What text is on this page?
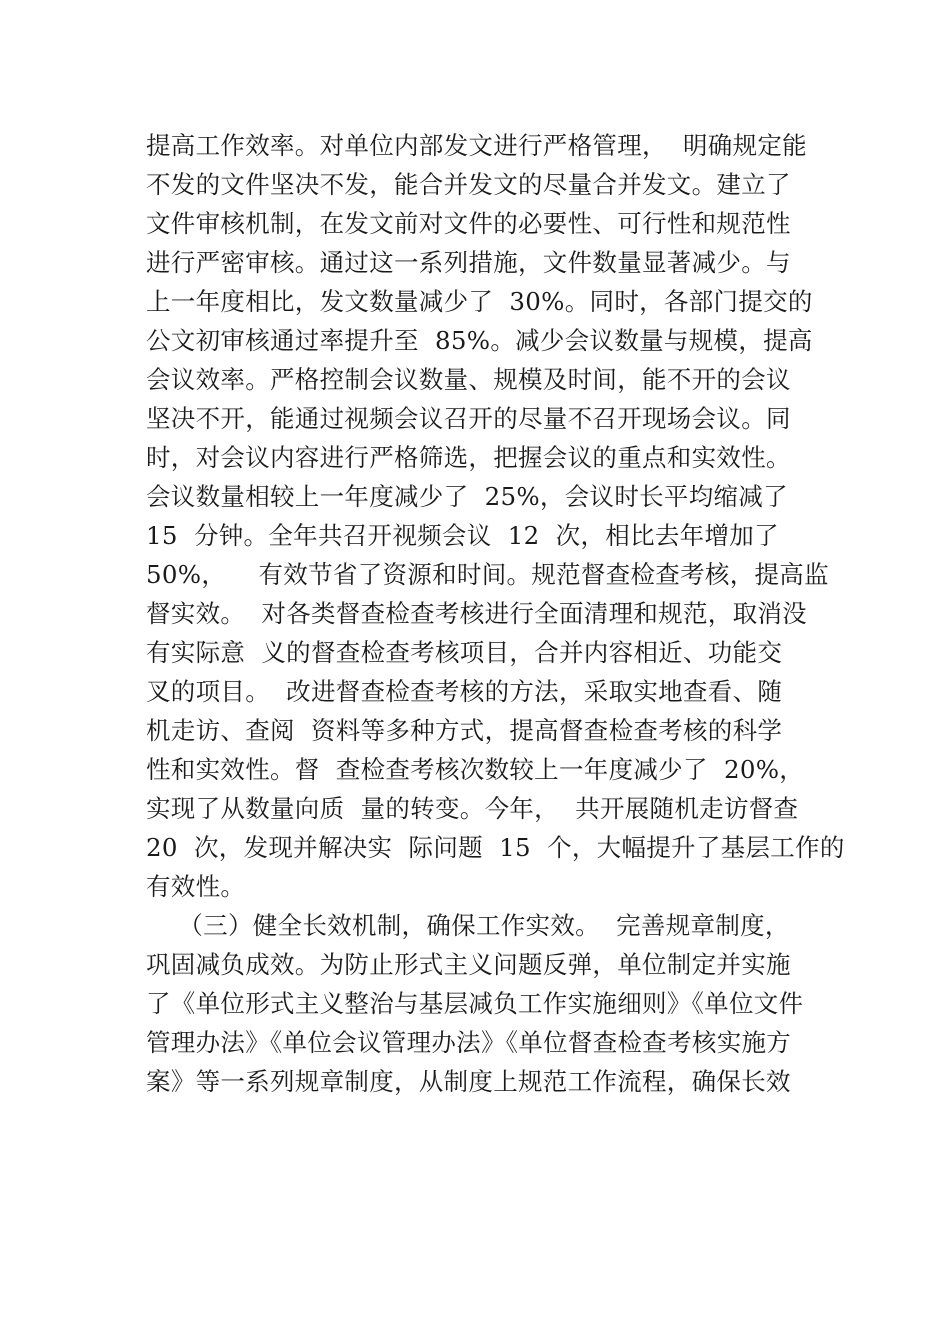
提高工作效率。对单位内部发文进行严格管理，  明确规定能
不发的文件坚决不发，能合并发文的尽量合并发文。建立了
文件审核机制，在发文前对文件的必要性、可行性和规范性
进行严密审核。通过这一系列措施，文件数量显著减少。与
上一年度相比，发文数量减少了  30%。同时，各部门提交的
公文初审核通过率提升至  85%。减少会议数量与规模，提高
会议效率。严格控制会议数量、规模及时间，能不开的会议
坚决不开，能通过视频会议召开的尽量不召开现场会议。同
时，对会议内容进行严格筛选，把握会议的重点和实效性。
会议数量相较上一年度减少了  25%，会议时长平均缩减了
15  分钟。全年共召开视频会议  12  次，相比去年增加了
50%，    有效节省了资源和时间。规范督查检查考核，提高监
督实效。  对各类督查检查考核进行全面清理和规范，取消没
有实际意  义的督查检查考核项目，合并内容相近、功能交
叉的项目。  改进督查检查考核的方法，采取实地查看、随
机走访、查阅  资料等多种方式，提高督查检查考核的科学
性和实效性。督  查检查考核次数较上一年度减少了  20%，
实现了从数量向质  量的转变。今年，  共开展随机走访督查
20  次，发现并解决实  际问题  15  个，大幅提升了基层工作的
有效性。
（三）健全长效机制，确保工作实效。  完善规章制度，
巩固减负成效。为防止形式主义问题反弹，单位制定并实施
了《单位形式主义整治与基层减负工作实施细则》《单位文件
管理办法》《单位会议管理办法》《单位督查检查考核实施方
案》等一系列规章制度，从制度上规范工作流程，确保长效
